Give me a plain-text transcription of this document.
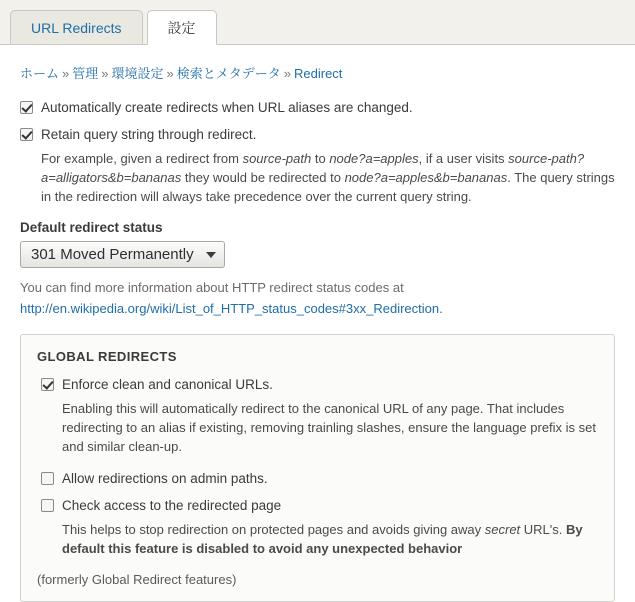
URL Redirects	設定
ホーム » 管理 » 環境設定 » 検索とメタデータ » Redirect
Automatically create redirects when URL aliases are changed.
Retain query string through redirect.
For example, given a redirect from source-path to node?a=apples, if a user visits source-path?a=alligators&b=bananas they would be redirected to node?a=apples&b=bananas. The query strings in the redirection will always take precedence over the current query string.
Default redirect status
301 Moved Permanently
You can find more information about HTTP redirect status codes at
http://en.wikipedia.org/wiki/List_of_HTTP_status_codes#3xx_Redirection.
GLOBAL REDIRECTS
Enforce clean and canonical URLs.
Enabling this will automatically redirect to the canonical URL of any page. That includes redirecting to an alias if existing, removing trainling slashes, ensure the language prefix is set and similar clean-up.
Allow redirections on admin paths.
Check access to the redirected page
This helps to stop redirection on protected pages and avoids giving away secret URL's. By default this feature is disabled to avoid any unexpected behavior
(formerly Global Redirect features)
